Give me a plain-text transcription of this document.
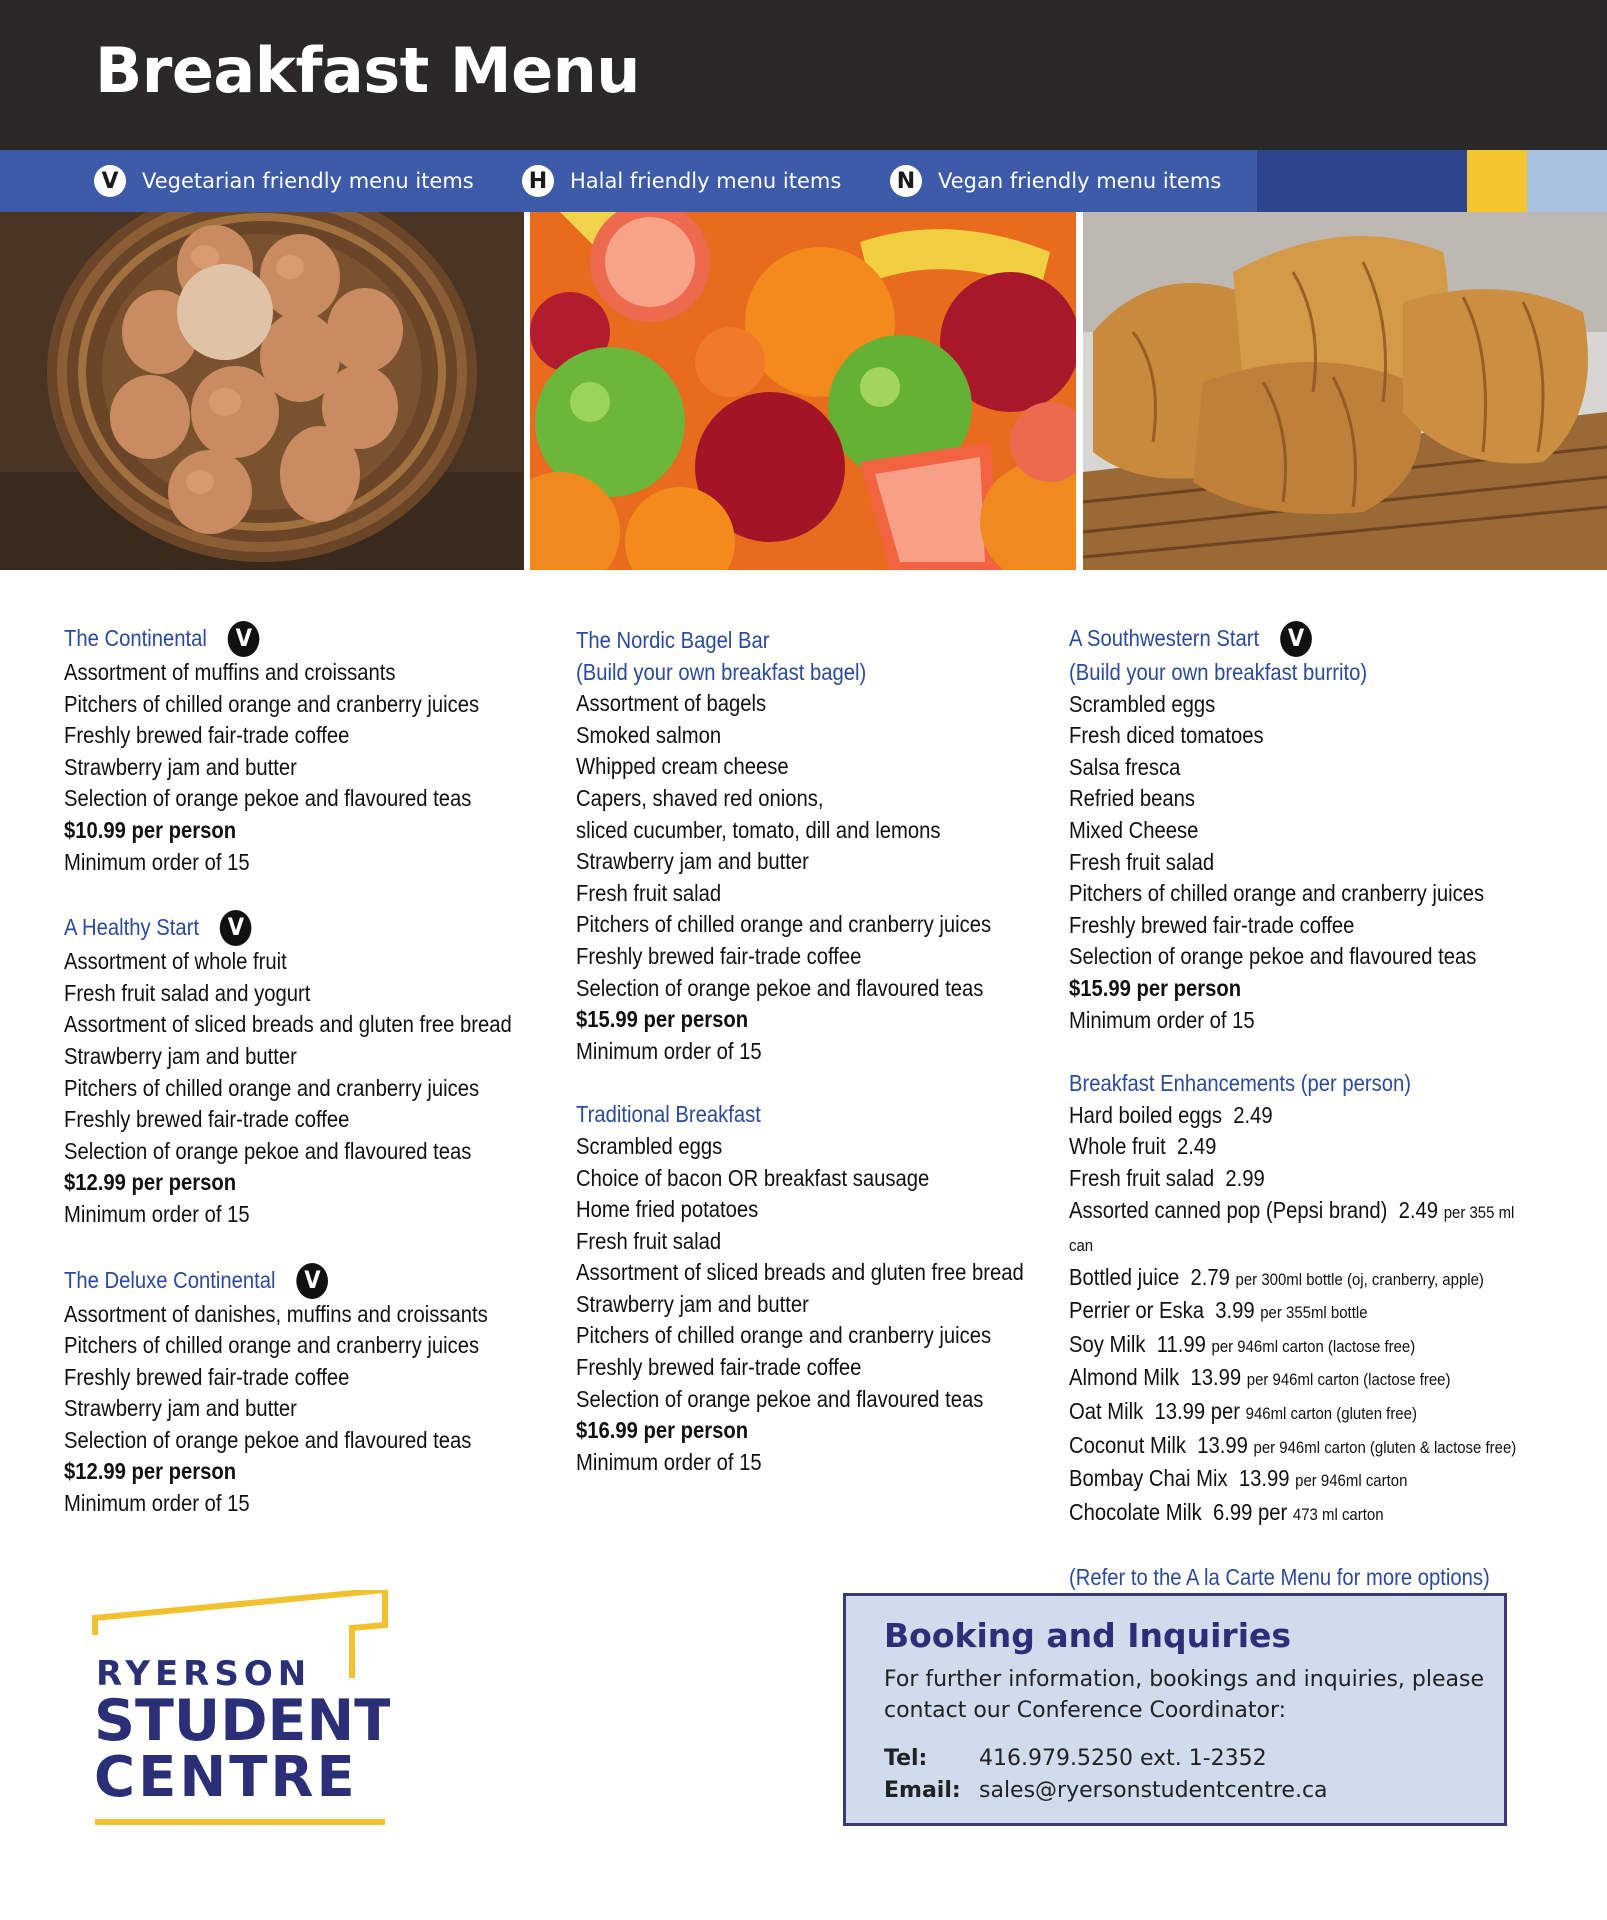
Breakfast Menu
V	Vegetarian friendly menu items	H	Halal friendly menu items	N	Vegan friendly menu items
The Continental	V
Assortment of muffins and croissants
Pitchers of chilled orange and cranberry juices
Freshly brewed fair-trade coffee
Strawberry jam and butter
Selection of orange pekoe and flavoured teas
$10.99 per person
Minimum order of 15
A Healthy Start	V
Assortment of whole fruit
Fresh fruit salad and yogurt
Assortment of sliced breads and gluten free bread
Strawberry jam and butter
Pitchers of chilled orange and cranberry juices
Freshly brewed fair-trade coffee
Selection of orange pekoe and flavoured teas
$12.99 per person
Minimum order of 15
The Deluxe Continental	V
Assortment of danishes, muffins and croissants
Pitchers of chilled orange and cranberry juices
Freshly brewed fair-trade coffee
Strawberry jam and butter
Selection of orange pekoe and flavoured teas
$12.99 per person
Minimum order of 15
The Nordic Bagel Bar
(Build your own breakfast bagel)
Assortment of bagels
Smoked salmon
Whipped cream cheese
Capers, shaved red onions,
sliced cucumber, tomato, dill and lemons
Strawberry jam and butter
Fresh fruit salad
Pitchers of chilled orange and cranberry juices
Freshly brewed fair-trade coffee
Selection of orange pekoe and flavoured teas
$15.99 per person
Minimum order of 15
Traditional Breakfast
Scrambled eggs
Choice of bacon OR breakfast sausage
Home fried potatoes
Fresh fruit salad
Assortment of sliced breads and gluten free bread
Strawberry jam and butter
Pitchers of chilled orange and cranberry juices
Freshly brewed fair-trade coffee
Selection of orange pekoe and flavoured teas
$16.99 per person
Minimum order of 15
A Southwestern Start	V
(Build your own breakfast burrito)
Scrambled eggs
Fresh diced tomatoes
Salsa fresca
Refried beans
Mixed Cheese
Fresh fruit salad
Pitchers of chilled orange and cranberry juices
Freshly brewed fair-trade coffee
Selection of orange pekoe and flavoured teas
$15.99 per person
Minimum order of 15
Breakfast Enhancements (per person)
Hard boiled eggs 2.49
Whole fruit 2.49
Fresh fruit salad 2.99
Assorted canned pop (Pepsi brand) 2.49 per 355 ml can
Bottled juice 2.79 per 300ml bottle (oj, cranberry, apple)
Perrier or Eska 3.99 per 355ml bottle
Soy Milk 11.99 per 946ml carton (lactose free)
Almond Milk 13.99 per 946ml carton (lactose free)
Oat Milk 13.99 per 946ml carton (gluten free)
Coconut Milk 13.99 per 946ml carton (gluten & lactose free)
Bombay Chai Mix 13.99 per 946ml carton
Chocolate Milk 6.99 per 473 ml carton
(Refer to the A la Carte Menu for more options)
RYERSON
STUDENT
CENTRE
Booking and Inquiries
For further information, bookings and inquiries, please contact our Conference Coordinator:
Tel: 416.979.5250 ext. 1-2352
Email: sales@ryersonstudentcentre.ca
